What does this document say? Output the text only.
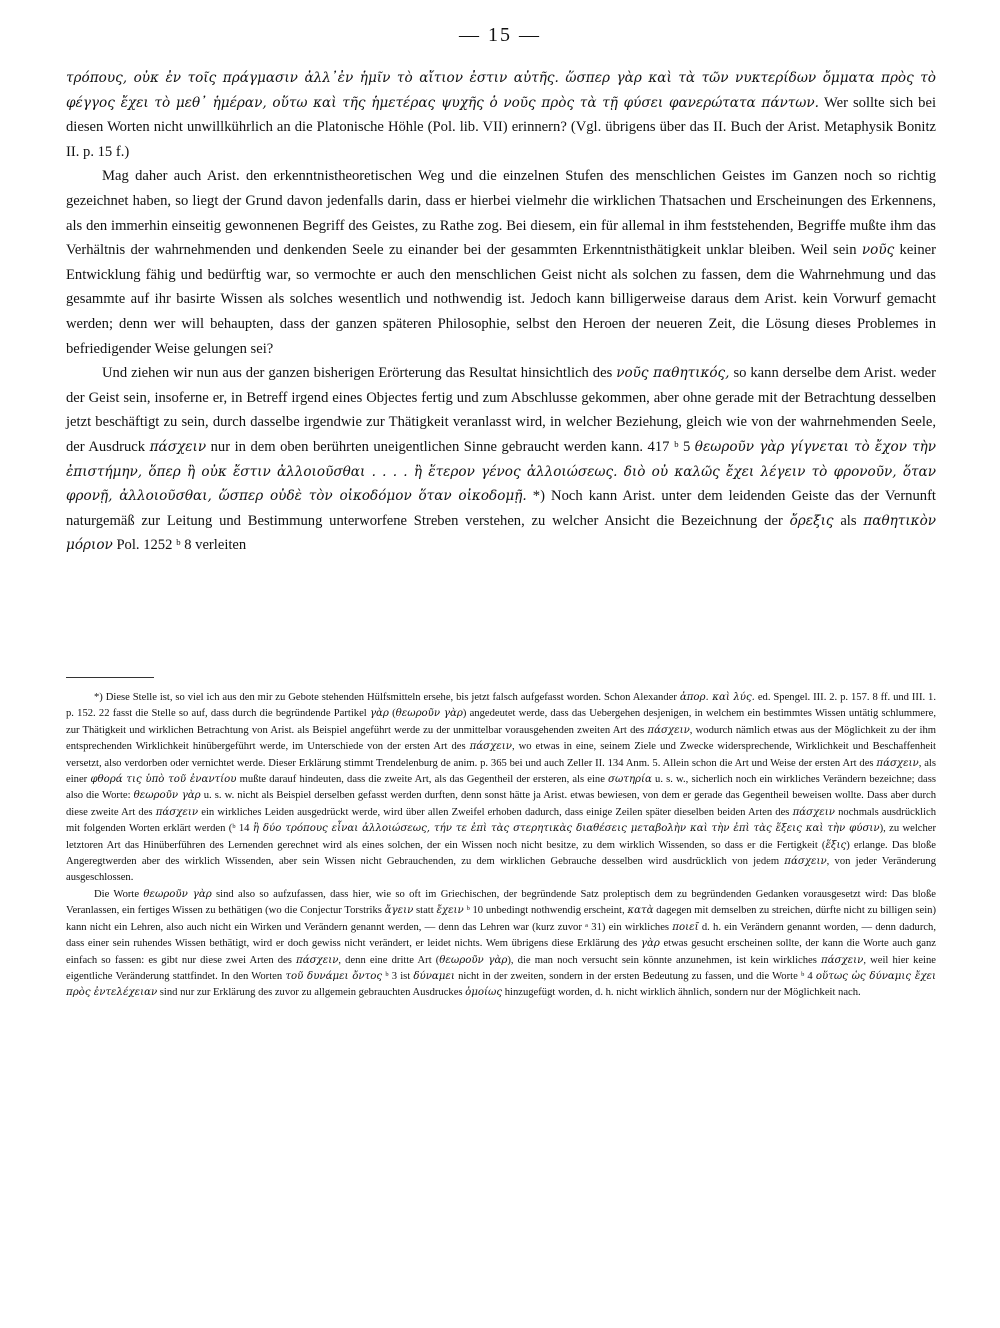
— 15 —

τρόπους, οὐκ ἐν τοῖς πράγμασιν ἀλλ᾽ἐν ἡμῖν τὸ αἴτιον ἐστιν αὐτῆς. ὥσπερ γὰρ καὶ τὰ τῶν νυκτερίδων ὄμματα πρὸς τὸ φέγγος ἔχει τὸ μεθ᾽ ἡμέραν, οὕτω καὶ τῆς ἡμετέρας ψυχῆς ὁ νοῦς πρὸς τὰ τῇ φύσει φανερώτατα πάντων. Wer sollte sich bei diesen Worten nicht unwillkührlich an die Platonische Höhle (Pol. lib. VII) erinnern? (Vgl. übrigens über das II. Buch der Arist. Metaphysik Bonitz II. p. 15 f.)

Mag daher auch Arist. den erkenntnistheoretischen Weg und die einzelnen Stufen des menschlichen Geistes im Ganzen noch so richtig gezeichnet haben, so liegt der Grund davon jedenfalls darin, dass er hierbei vielmehr die wirklichen Thatsachen und Erscheinungen des Erkennens, als den immerhin einseitig gewonnenen Begriff des Geistes, zu Rathe zog. Bei diesem, ein für allemal in ihm feststehenden, Begriffe mußte ihm das Verhältnis der wahrnehmenden und denkenden Seele zu einander bei der gesammten Erkenntnisthätigkeit unklar bleiben. Weil sein νοῦς keiner Entwicklung fähig und bedürftig war, so vermochte er auch den menschlichen Geist nicht als solchen zu fassen, dem die Wahrnehmung und das gesammte auf ihr basirte Wissen als solches wesentlich und nothwendig ist. Jedoch kann billigerweise daraus dem Arist. kein Vorwurf gemacht werden; denn wer will behaupten, dass der ganzen späteren Philosophie, selbst den Heroen der neueren Zeit, die Lösung dieses Problemes in befriedigender Weise gelungen sei?

Und ziehen wir nun aus der ganzen bisherigen Erörterung das Resultat hinsichtlich des νοῦς παθητικός, so kann derselbe dem Arist. weder der Geist sein, insoferne er, in Betreff irgend eines Objectes fertig und zum Abschlusse gekommen, aber ohne gerade mit der Betrachtung desselben jetzt beschäftigt zu sein, durch dasselbe irgendwie zur Thätigkeit veranlasst wird, in welcher Beziehung, gleich wie von der wahrnehmenden Seele, der Ausdruck πάσχειν nur in dem oben berührten uneigentlichen Sinne gebraucht werden kann. 417 ᵇ 5 θεωροῦν γὰρ γίγνεται τὸ ἔχον τὴν ἐπιστήμην, ὅπερ ἢ οὐκ ἔστιν ἀλλοιοῦσθαι . . . . ἢ ἕτερον γένος ἀλλοιώσεως. διὸ οὐ καλῶς ἔχει λέγειν τὸ φρονοῦν, ὅταν φρονῇ, ἀλλοιοῦσθαι, ὥσπερ οὐδὲ τὸν οἰκοδόμον ὅταν οἰκοδομῇ. *) Noch kann Arist. unter dem leidenden Geiste das der Vernunft naturgemäß zur Leitung und Bestimmung unterworfene Streben verstehen, zu welcher Ansicht die Bezeichnung der ὄρεξις als παθητικὸν μόριον Pol. 1252 ᵇ 8 verleiten

*) Diese Stelle ist, so viel ich aus den mir zu Gebote stehenden Hülfsmitteln ersehe, bis jetzt falsch aufgefasst worden. Schon Alexander ἀπορ. καὶ λύς. ed. Spengel. III. 2. p. 157. 8 ff. und III. 1. p. 152. 22 fasst die Stelle so auf, dass durch die begründende Partikel γὰρ (θεωροῦν γὰρ) angedeutet werde, dass das Uebergehen desjenigen, in welchem ein bestimmtes Wissen untätig schlummere, zur Thätigkeit und wirklichen Betrachtung von Arist. als Beispiel angeführt werde zu der unmittelbar vorausgehenden zweiten Art des πάσχειν, wodurch nämlich etwas aus der Möglichkeit zu der ihm entsprechenden Wirklichkeit hinübergeführt werde, im Unterschiede von der ersten Art des πάσχειν, wo etwas in eine, seinem Ziele und Zwecke widersprechende, Wirklichkeit und Beschaffenheit versetzt, also verdorben oder vernichtet werde. Dieser Erklärung stimmt Trendelenburg de anim. p. 365 bei und auch Zeller II. 134 Anm. 5. Allein schon die Art und Weise der ersten Art des πάσχειν, als einer φθορά τις ὑπὸ τοῦ ἐναντίου mußte darauf hindeuten, dass die zweite Art, als das Gegentheil der ersteren, als eine σωτηρία u. s. w., sicherlich noch ein wirkliches Verändern bezeichne; dass also die Worte: θεωροῦν γὰρ u. s. w. nicht als Beispiel derselben gefasst werden durften, denn sonst hätte ja Arist. etwas bewiesen, von dem er gerade das Gegentheil beweisen wollte. Dass aber durch diese zweite Art des πάσχειν ein wirkliches Leiden ausgedrückt werde, wird über allen Zweifel erhoben dadurch, dass einige Zeilen später dieselben beiden Arten des πάσχειν nochmals ausdrücklich mit folgenden Worten erklärt werden (ᵇ 14 ἢ δύο τρόπους εἶναι ἀλλοιώσεως, τήν τε ἐπὶ τὰς στερητικὰς διαθέσεις μεταβολὴν καὶ τὴν ἐπὶ τὰς ἕξεις καὶ τὴν φύσιν), zu welcher letztoren Art das Hinüberführen des Lernenden gerechnet wird als eines solchen, der ein Wissen noch nicht besitze, zu dem wirklich Wissenden, so dass er die Fertigkeit (ἕξις) erlange. Das bloße Angeregtwerden aber des wirklich Wissenden, aber sein Wissen nicht Gebrauchenden, zu dem wirklichen Gebrauche desselben wird ausdrücklich von jedem πάσχειν, von jeder Veränderung ausgeschlossen.

Die Worte θεωροῦν γὰρ sind also so aufzufassen, dass hier, wie so oft im Griechischen, der begründende Satz proleptisch dem zu begründenden Gedanken vorausgesetzt wird: Das bloße Veranlassen, ein fertiges Wissen zu bethätigen (wo die Conjectur Torstriks ἄγειν statt ἔχειν ᵇ 10 unbedingt nothwendig erscheint, κατὰ dagegen mit demselben zu streichen, dürfte nicht zu billigen sein) kann nicht ein Lehren, also auch nicht ein Wirken und Verändern genannt werden, — denn das Lehren war (kurz zuvor ᵃ 31) ein wirkliches ποιεῖ d. h. ein Verändern genannt worden, — denn dadurch, dass einer sein ruhendes Wissen bethätigt, wird er doch gewiss nicht verändert, er leidet nichts. Wem übrigens diese Erklärung des γὰρ etwas gesucht erscheinen sollte, der kann die Worte auch ganz einfach so fassen: es gibt nur diese zwei Arten des πάσχειν, denn eine dritte Art (θεωροῦν γὰρ), die man noch versucht sein könnte anzunehmen, ist kein wirkliches πάσχειν, weil hier keine eigentliche Veränderung stattfindet. In den Worten τοῦ δυνάμει ὄντος ᵇ 3 ist δύναμει nicht in der zweiten, sondern in der ersten Bedeutung zu fassen, und die Worte ᵇ 4 οὕτως ὡς δύναμις ἔχει πρὸς ἐντελέχειαν sind nur zur Erklärung des zuvor zu allgemein gebrauchten Ausdruckes ὁμοίως hinzugefügt worden, d. h. nicht wirklich ähnlich, sondern nur der Möglichkeit nach.
